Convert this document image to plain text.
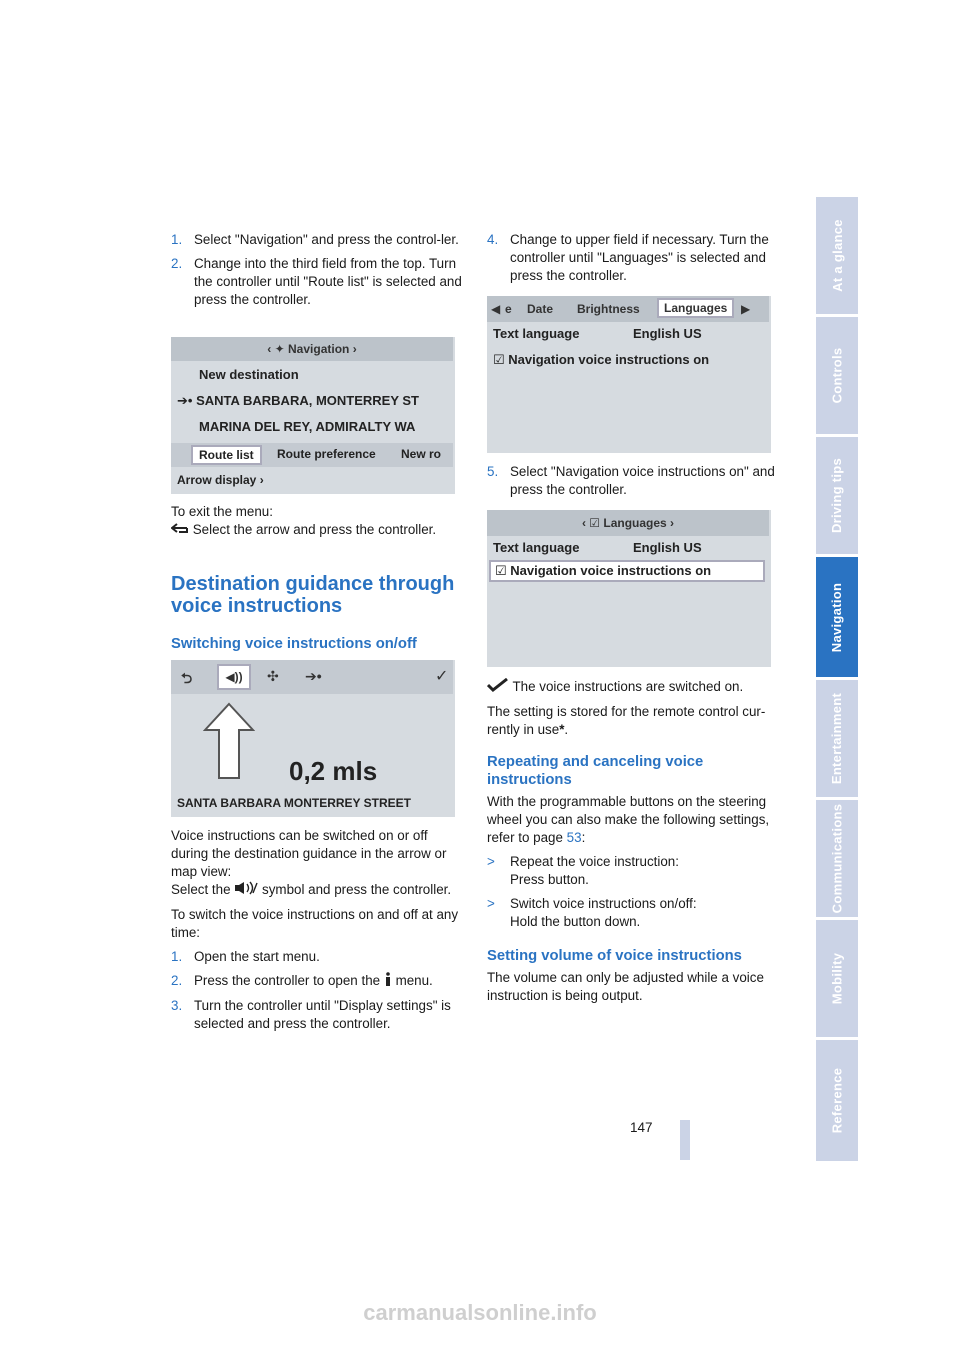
1. Select "Navigation" and press the control-ler.
2. Change into the third field from the top. Turn the controller until "Route list" is selected and press the controller.
‹ ✦ Navigation ›
New destination
➔• SANTA BARBARA, MONTERREY ST
MARINA DEL REY, ADMIRALTY WA
Route list	Route preference New ro
Arrow display ›

To exit the menu:

Select the arrow and press the controller.

Destination guidance through voice instructions
Switching voice instructions on/off
⮌	◀))	✣ ➔•	✓
0,2 mls
SANTA BARBARA MONTERREY STREET

Voice instructions can be switched on or off during the destination guidance in the arrow or map view:
Select the symbol and press the controller.

To switch the voice instructions on and off at any time:

1. Open the start menu.
2. Press the controller to open the menu.
3. Turn the controller until "Display settings" is selected and press the controller.
4. Change to upper field if necessary. Turn the controller until "Languages" is selected and press the controller.
◀ e Date Brightness	Languages	▶
Text language	English US
☑ Navigation voice instructions on
5. Select "Navigation voice instructions on" and press the controller.
‹ ☑ Languages ›
Text language	English US
☑ Navigation voice instructions on

The voice instructions are switched on.

The setting is stored for the remote control cur-rently in use*.

Repeating and canceling voice instructions

With the programmable buttons on the steering wheel you can also make the following settings, refer to page 53:

> Repeat the voice instruction:
Press button.
> Switch voice instructions on/off:
Hold the button down.
Setting volume of voice instructions

The volume can only be adjusted while a voice instruction is being output.

At a glance
Controls
Driving tips
Navigation
Entertainment
Communications
Mobility
Reference
147
carmanualsonline.info
